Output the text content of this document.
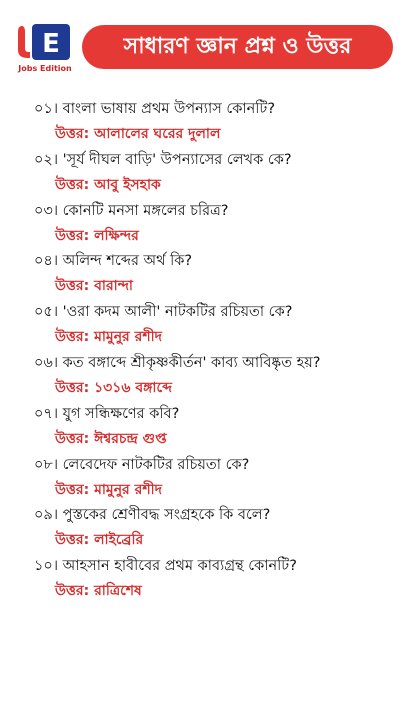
E
Jobs Edition
সাধারণ জ্ঞান প্রশ্ন ও উত্তর
০১। বাংলা ভাষায় প্রথম উপন্যাস কোনটি?
উত্তর: আলালের ঘরের দুলাল
০২। 'সূর্য দীঘল বাড়ি' উপন্যাসের লেখক কে?
উত্তর: আবু ইসহাক
০৩। কোনটি মনসা মঙ্গলের চরিত্র?
উত্তর: লক্ষিন্দর
০৪। অলিন্দ শব্দের অর্থ কি?
উত্তর: বারান্দা
০৫। 'ওরা কদম আলী' নাটকটির রচিয়তা কে?
উত্তর: মামুনুর রশীদ
০৬। কত বঙ্গাব্দে শ্রীকৃষ্ণকীর্তন' কাব্য আবিষ্কৃত হয়?
উত্তর: ১৩১৬ বঙ্গাব্দে
০৭। যুগ সন্ধিক্ষণের কবি?
উত্তর: ঈশ্বরচন্দ্র গুপ্ত
০৮। লেবেদেফ নাটকটির রচিয়তা কে?
উত্তর: মামুনুর রশীদ
০৯। পুস্তকের শ্রেণীবদ্ধ সংগ্রহকে কি বলে?
উত্তর: লাইব্রেরি
১০। আহসান হাবীবের প্রথম কাব্যগ্রন্থ কোনটি?
উত্তর: রাত্রিশেষ
